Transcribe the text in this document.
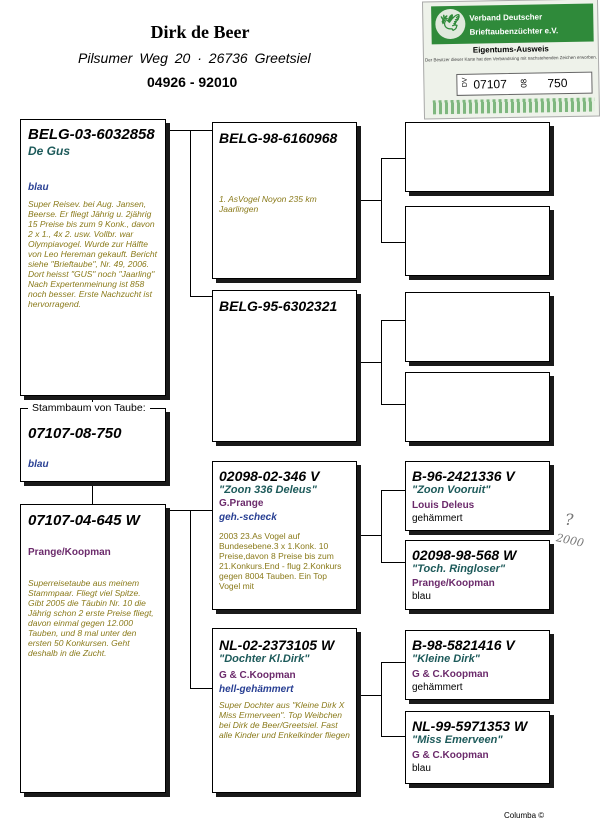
Dirk de Beer
Pilsumer Weg 20 · 26736 Greetsiel
04926 - 92010
🕊	Verband Deutscher
Brieftaubenzüchter e.V.
Eigentums-Ausweis
Der Besitzer dieser Karte hat den Verbandsring mit nachstehenden Zeichen erworben.
DV 07107 08 750
BELG-03-6032858
De Gus
blau
Super Reisev. bei Aug. Jansen, Beerse. Er fliegt Jährig u. 2jährig 15 Preise bis zum 9 Konk., davon 2 x 1., 4x 2. usw. Vollbr. war Olympiavogel. Wurde zur Hälfte von Leo Hereman gekauft. Bericht siehe "Brieftaube", Nr. 49, 2006. Dort heisst "GUS" noch "Jaarling" Nach Expertenmeinung ist 858 noch besser. Erste Nachzucht ist hervorragend.
07107-08-750
blau
Stammbaum von Taube:
07107-04-645 W
Prange/Koopman
Superreisetaube aus meinem Stammpaar. Fliegt viel Spitze. Gibt 2005 die Täubin Nr. 10 die Jährig schon 2 erste Preise fliegt, davon einmal gegen 12.000 Tauben, und 8 mal unter den ersten 50 Konkursen. Geht deshalb in die Zucht.
BELG-98-6160968
1. AsVogel Noyon 235 km Jaarlingen
BELG-95-6302321
02098-02-346 V
"Zoon 336 Deleus"
G.Prange
geh.-scheck
2003 23.As Vogel auf Bundesebene.3 x 1.Konk. 10 Preise,davon 8 Preise bis zum 21.Konkurs.End - flug 2.Konkurs gegen 8004 Tauben. Ein Top Vogel mit
NL-02-2373105 W
"Dochter Kl.Dirk"
G & C.Koopman
hell-gehämmert
Super Dochter aus "Kleine Dirk X Miss Ermerveen". Top Weibchen bei Dirk de Beer/Greetsiel. Fast alle Kinder und Enkelkinder fliegen
B-96-2421336 V
"Zoon Vooruit"
Louis Deleus
gehämmert
02098-98-568 W
"Toch. Ringloser"
Prange/Koopman
blau
B-98-5821416 V
"Kleine Dirk"
G & C.Koopman
gehämmert
NL-99-5971353 W
"Miss Emerveen"
G & C.Koopman
blau
?
2000
Columba ©
